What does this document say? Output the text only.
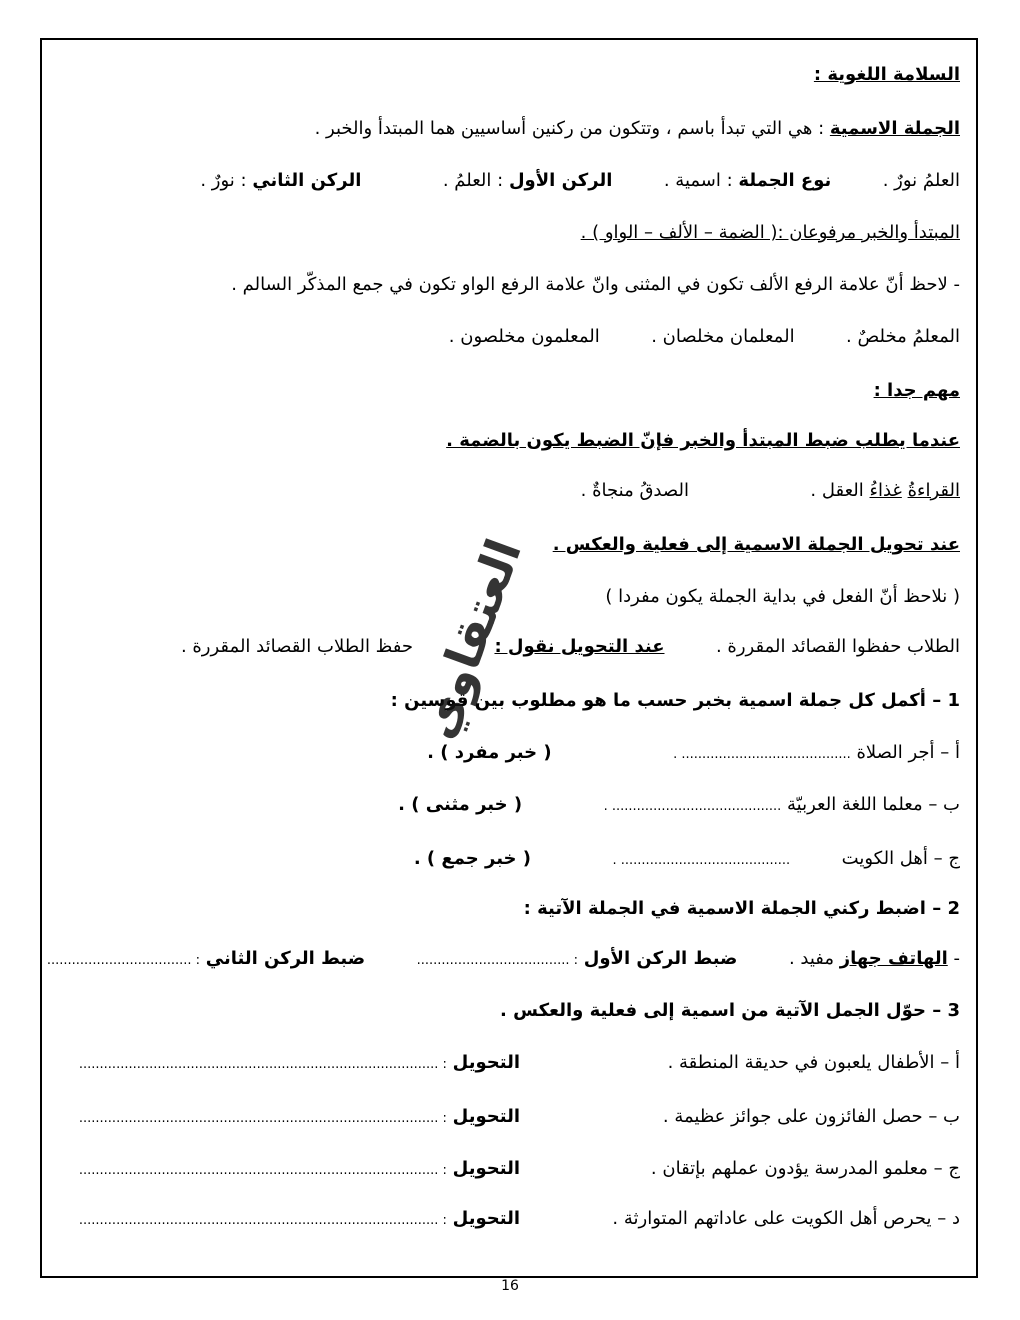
السلامة اللغوية :
الجملة الاسمية : هي التي تبدأ باسم ، وتتكون من ركنين أساسيين هما المبتدأ والخبر .
العلمُ نورٌ .  نوع الجملة : اسمية .  الركن الأول : العلمُ .  الركن الثاني : نورٌ .
المبتدأ والخبر مرفوعان :( الضمة – الألف – الواو ) .
- لاحظ أنّ علامة الرفع الألف تكون في المثنى وانّ علامة الرفع الواو تكون في جمع المذكّر السالم .
المعلمُ مخلصٌ .  المعلمان مخلصان .  المعلمون مخلصون .
مهم جدا :
عندما يطلب ضبط المبتدأ والخبر فإنّ الضبط يكون بالضمة .
القراءةُ غذاءُ العقل .  الصدقُ منجاةٌ .
عند تحويل الجملة الاسمية إلى فعلية والعكس .
( نلاحظ أنّ الفعل في بداية الجملة يكون مفردا )
الطلاب حفظوا القصائد المقررة .  عند التحويل نقول :  حفظ الطلاب القصائد المقررة .
1 – أكمل كل جملة اسمية بخبر حسب ما هو مطلوب بين قوسين :
أ – أجر الصلاة ......................................... .  ( خبر مفرد ) .
ب – معلما اللغة العربيّة ......................................... .  ( خبر مثنى ) .
ج – أهل الكويت  ......................................... .  ( خبر جمع ) .
2 – اضبط ركني الجملة الاسمية في الجملة الآتية :
- الهاتف جهاز مفيد .  ضبط الركن الأول : .....................................  ضبط الركن الثاني : ...................................
3 – حوّل الجمل الآتية من اسمية إلى فعلية والعكس .
أ – الأطفال يلعبون في حديقة المنطقة .
التحويل : .......................................................................................
ب – حصل الفائزون على جوائز عظيمة .
التحويل : .......................................................................................
ج – معلمو المدرسة يؤدون عملهم بإتقان .
التحويل : .......................................................................................
د – يحرص أهل الكويت على عاداتهم المتوارثة .
التحويل : .......................................................................................
العتقاوي
16
